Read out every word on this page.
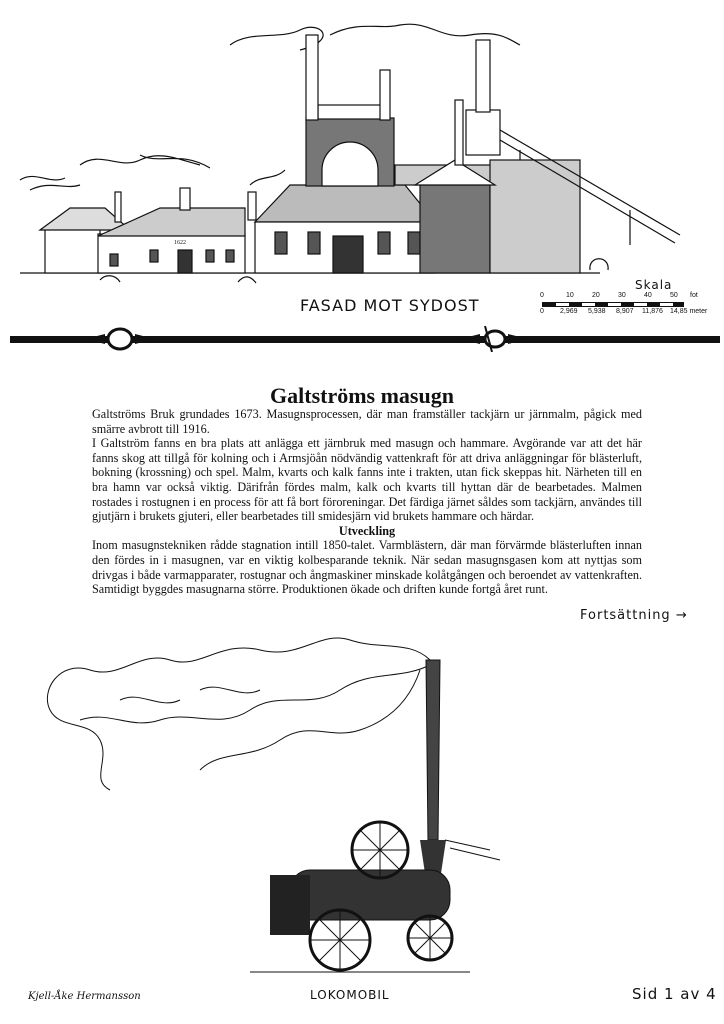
1622
FASAD MOT SYDOST
Skala
0	10	20	30	40	50 fot
0 2,969 5,938 8,907 11,876 14,85 meter
Galtströms masugn

Galtströms Bruk grundades 1673. Masugnsprocessen, där man framställer tackjärn ur järnmalm, pågick med smärre avbrott till 1916.

I Galtström fanns en bra plats att anlägga ett järnbruk med masugn och hammare. Avgörande var att det här fanns skog att tillgå för kolning och i Armsjöån nödvändig vattenkraft för att driva anläggningar för blästerluft, bokning (krossning) och spel. Malm, kvarts och kalk fanns inte i trakten, utan fick skeppas hit. Närheten till en bra hamn var också viktig. Därifrån fördes malm, kalk och kvarts till hyttan där de bearbetades. Malmen rostades i rostugnen i en process för att få bort föroreningar. Det färdiga järnet såldes som tackjärn, användes till gjutjärn i brukets gjuteri, eller bearbetades till smidesjärn vid brukets hammare och härdar.

Utveckling

Inom masugnstekniken rådde stagnation intill 1850-talet. Varmblästern, där man förvärmde blästerluften innan den fördes in i masugnen, var en viktig kolbesparande teknik. När sedan masugnsgasen kom att nyttjas som drivgas i både varmapparater, rostugnar och ångmaskiner minskade kolåtgången och beroendet av vattenkraften. Samtidigt byggdes masugnarna större. Produktionen ökade och driften kunde fortgå året runt.

Fortsättning →
LOKOMOBIL
Kjell-Åke Hermansson	Sid 1 av 4
